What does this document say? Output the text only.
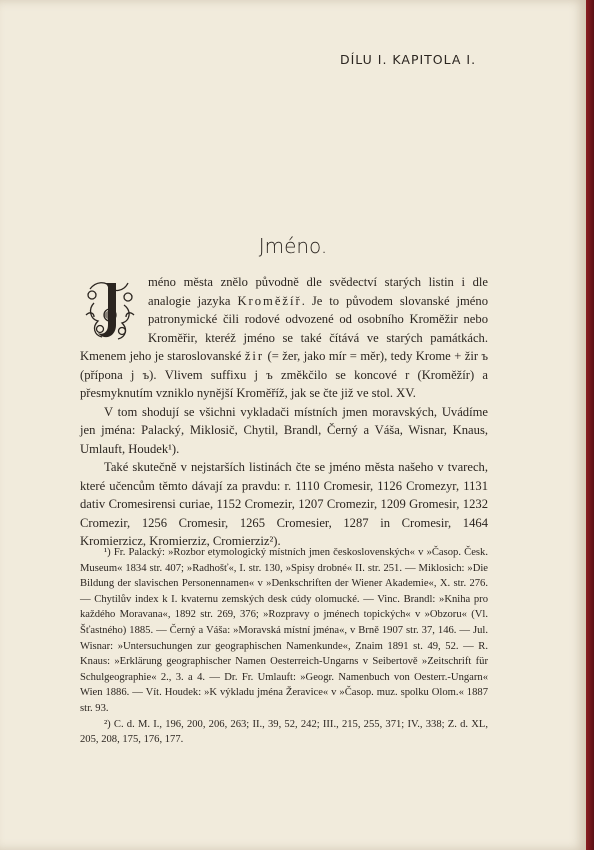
DÍLU I. KAPITOLA I.
Jméno.

méno města znělo původně dle svědectví starých listin i dle analogie jazyka Kroměžíř. Je to původem slovanské jméno patronymické čili rodové odvozené od osobního Kroměžir nebo Kroměřir, kteréž jméno se také čítává ve starých památkách. Kmenem jeho je staroslovanské žir (= žer, jako mír = měr), tedy Krome + žir ъ (přípona j ъ). Vlivem suffixu j ъ změkčilo se koncové r (Kroměžír) a přesmyknutím vzniklo nynější Kroměříž, jak se čte již ve stol. XV.

V tom shodují se všichni vykladači místních jmen moravských, Uvádíme jen jména: Palacký, Miklosič, Chytil, Brandl, Černý a Váša, Wisnar, Knaus, Umlauft, Houdek¹).

Také skutečně v nejstarších listinách čte se jméno města našeho v tvarech, které učencům těmto dávají za pravdu: r. 1110 Cromesir, 1126 Cromezyr, 1131 dativ Cromesirensi curiae, 1152 Cromezir, 1207 Cromezir, 1209 Gromesir, 1232 Cromezir, 1256 Cromesir, 1265 Cromesier, 1287 in Cromesir, 1464 Kromierzicz, Kromierziz, Cromierziz²).

¹) Fr. Palacký: »Rozbor etymologický místních jmen československých« v »Časop. Česk. Museum« 1834 str. 407; »Radhošť«, I. str. 130, »Spisy drobné« II. str. 251. — Miklosich: »Die Bildung der slavischen Personennamen« v »Denkschriften der Wiener Akademie«, X. str. 276. — Chytilův index k I. kvaternu zemských desk cúdy olomucké. — Vinc. Brandl: »Kniha pro každého Moravana«, 1892 str. 269, 376; »Rozpravy o jménech topických« v »Obzoru« (Vl. Šťastného) 1885. — Černý a Váša: »Moravská místní jména«, v Brně 1907 str. 37, 146. — Jul. Wisnar: »Untersuchungen zur geographischen Namenkunde«, Znaim 1891 st. 49, 52. — R. Knaus: »Erklärung geographischer Namen Oesterreich-Ungarns v Seibertově »Zeitschrift für Schulgeographie« 2., 3. a 4. — Dr. Fr. Umlauft: »Geogr. Namenbuch von Oesterr.-Ungarn« Wien 1886. — Vít. Houdek: »K výkladu jména Žeravice« v »Časop. muz. spolku Olom.« 1887 str. 93.

²) C. d. M. I., 196, 200, 206, 263; II., 39, 52, 242; III., 215, 255, 371; IV., 338; Z. d. XL, 205, 208, 175, 176, 177.
